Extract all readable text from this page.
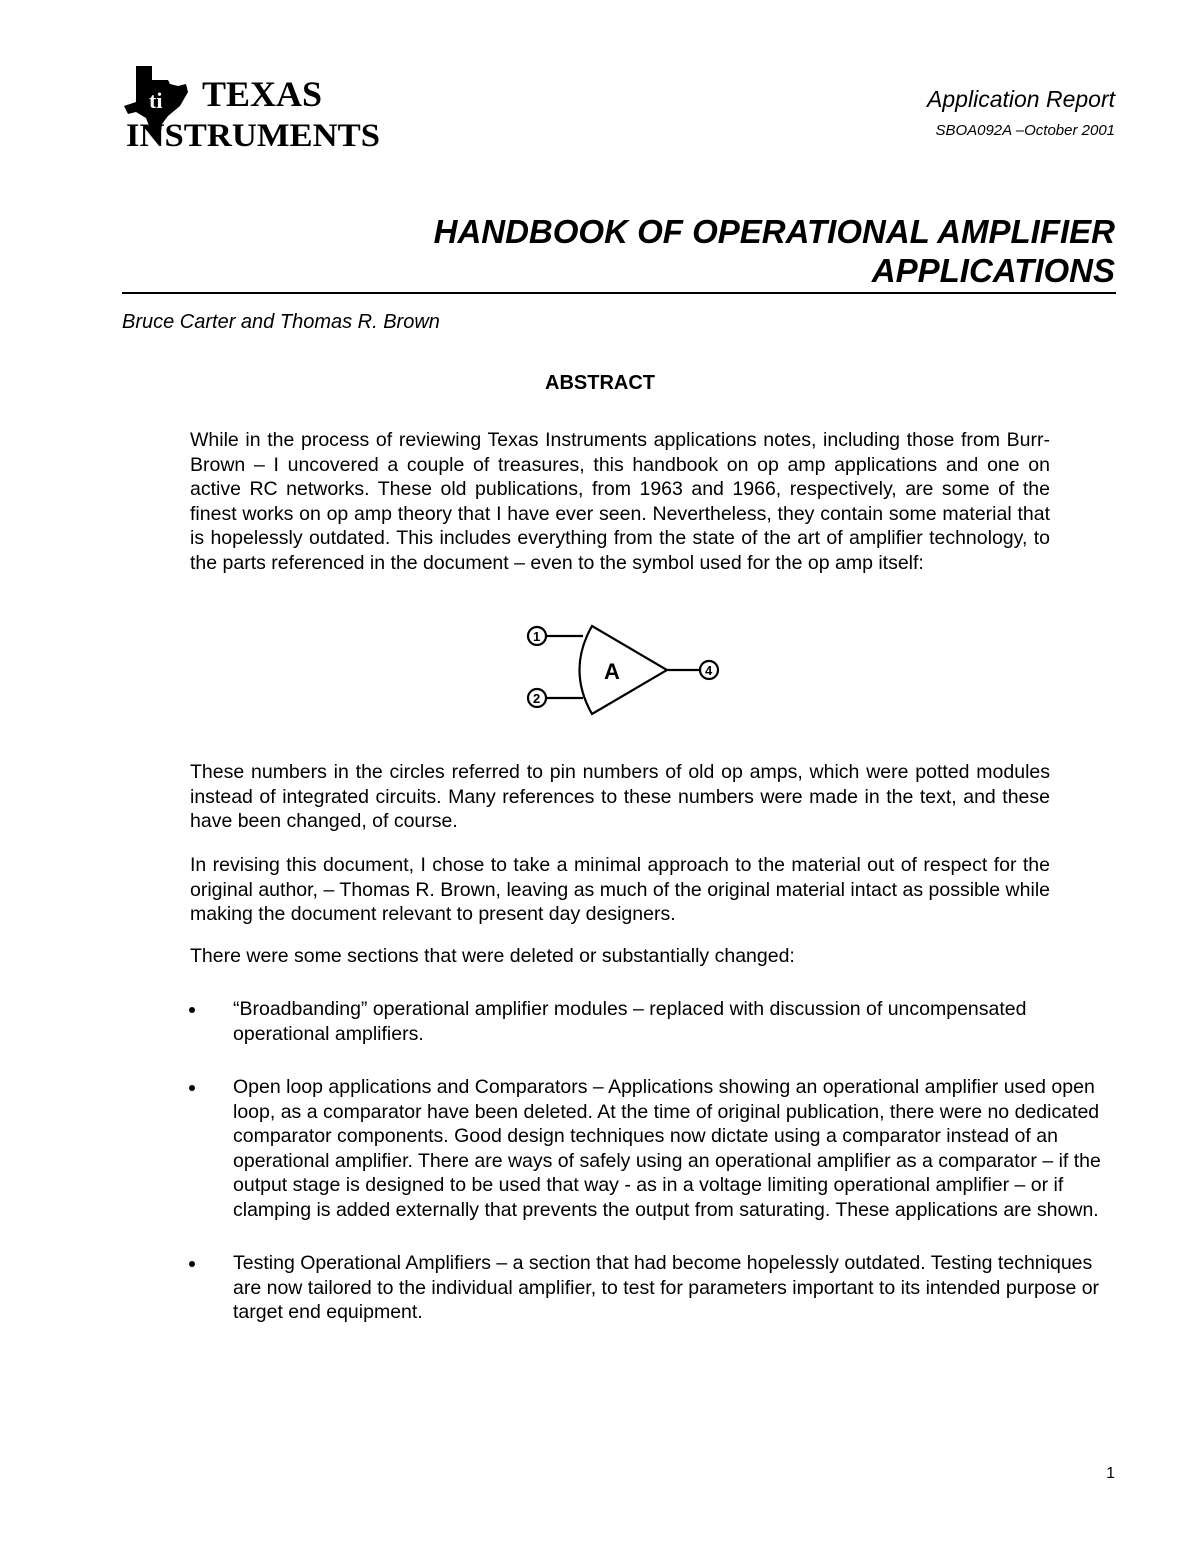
ti TEXAS
INSTRUMENTS
Application Report
SBOA092A –October 2001
HANDBOOK OF OPERATIONAL AMPLIFIER
APPLICATIONS
Bruce Carter and Thomas R. Brown
ABSTRACT

While in the process of reviewing Texas Instruments applications notes, including those from Burr-Brown – I uncovered a couple of treasures, this handbook on op amp applications and one on active RC networks. These old publications, from 1963 and 1966, respectively, are some of the finest works on op amp theory that I have ever seen. Nevertheless, they contain some material that is hopelessly outdated. This includes everything from the state of the art of amplifier technology, to the parts referenced in the document – even to the symbol used for the op amp itself:

A
1
2
4

These numbers in the circles referred to pin numbers of old op amps, which were potted modules instead of integrated circuits. Many references to these numbers were made in the text, and these have been changed, of course.

In revising this document, I chose to take a minimal approach to the material out of respect for the original author, – Thomas R. Brown, leaving as much of the original material intact as possible while making the document relevant to present day designers.

There were some sections that were deleted or substantially changed:

“Broadbanding” operational amplifier modules – replaced with discussion of uncompensated operational amplifiers.
Open loop applications and Comparators – Applications showing an operational amplifier used open loop, as a comparator have been deleted. At the time of original publication, there were no dedicated comparator components. Good design techniques now dictate using a comparator instead of an operational amplifier. There are ways of safely using an operational amplifier as a comparator – if the output stage is designed to be used that way - as in a voltage limiting operational amplifier – or if clamping is added externally that prevents the output from saturating. These applications are shown.
Testing Operational Amplifiers – a section that had become hopelessly outdated. Testing techniques are now tailored to the individual amplifier, to test for parameters important to its intended purpose or target end equipment.
1
